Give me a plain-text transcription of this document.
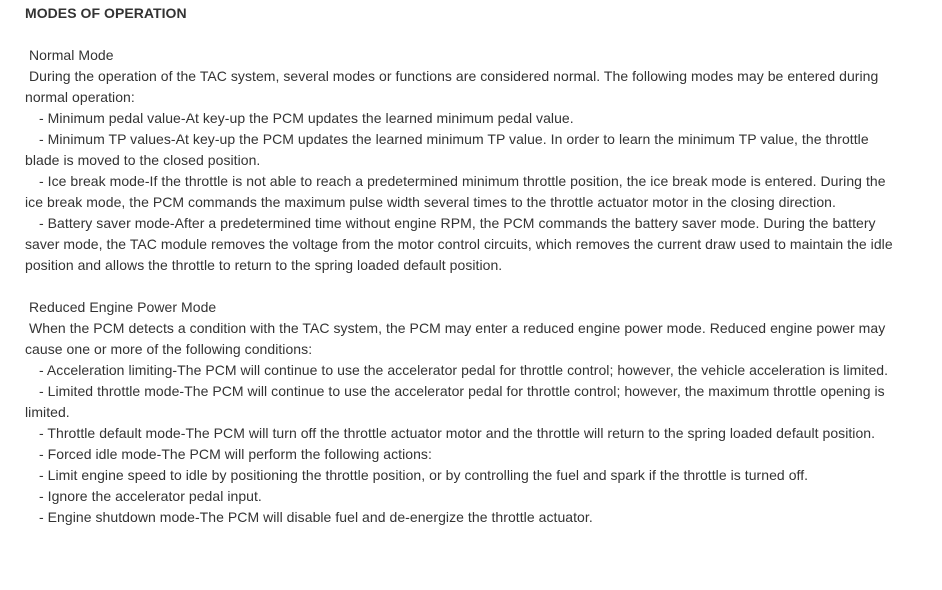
MODES OF OPERATION
Normal Mode
During the operation of the TAC system, several modes or functions are considered normal. The following modes may be entered during normal operation:
- Minimum pedal value-At key-up the PCM updates the learned minimum pedal value.
- Minimum TP values-At key-up the PCM updates the learned minimum TP value. In order to learn the minimum TP value, the throttle blade is moved to the closed position.
- Ice break mode-If the throttle is not able to reach a predetermined minimum throttle position, the ice break mode is entered. During the ice break mode, the PCM commands the maximum pulse width several times to the throttle actuator motor in the closing direction.
- Battery saver mode-After a predetermined time without engine RPM, the PCM commands the battery saver mode. During the battery saver mode, the TAC module removes the voltage from the motor control circuits, which removes the current draw used to maintain the idle position and allows the throttle to return to the spring loaded default position.
Reduced Engine Power Mode
When the PCM detects a condition with the TAC system, the PCM may enter a reduced engine power mode. Reduced engine power may cause one or more of the following conditions:
- Acceleration limiting-The PCM will continue to use the accelerator pedal for throttle control; however, the vehicle acceleration is limited.
- Limited throttle mode-The PCM will continue to use the accelerator pedal for throttle control; however, the maximum throttle opening is limited.
- Throttle default mode-The PCM will turn off the throttle actuator motor and the throttle will return to the spring loaded default position.
- Forced idle mode-The PCM will perform the following actions:
- Limit engine speed to idle by positioning the throttle position, or by controlling the fuel and spark if the throttle is turned off.
- Ignore the accelerator pedal input.
- Engine shutdown mode-The PCM will disable fuel and de-energize the throttle actuator.
